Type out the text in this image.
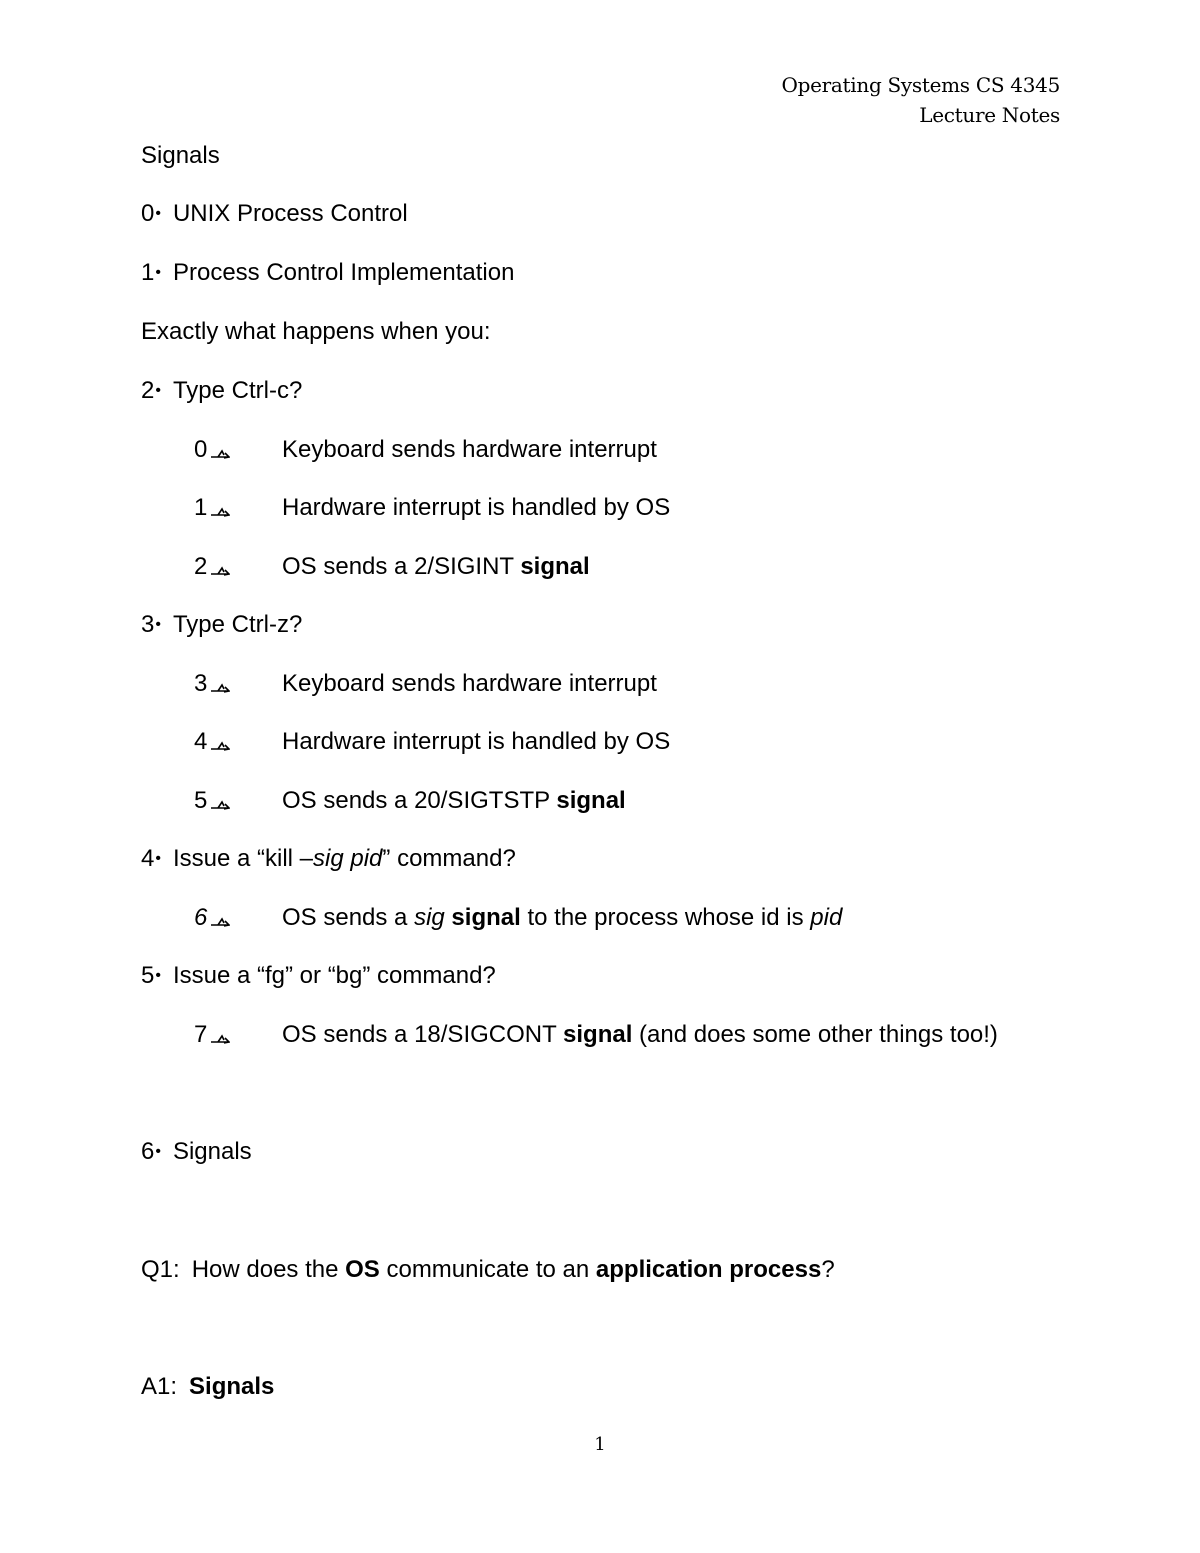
Operating Systems CS 4345
Lecture Notes
Signals
0• UNIX Process Control
1• Process Control Implementation
Exactly what happens when you:
2• Type Ctrl-c?
0	Keyboard sends hardware interrupt
1	Hardware interrupt is handled by OS
2	OS sends a 2/SIGINT signal
3• Type Ctrl-z?
3	Keyboard sends hardware interrupt
4	Hardware interrupt is handled by OS
5	OS sends a 20/SIGTSTP signal
4• Issue a “kill –sig pid” command?
6	OS sends a sig signal to the process whose id is pid
5• Issue a “fg” or “bg” command?
7	OS sends a 18/SIGCONT signal (and does some other things too!)
6• Signals
Q1: How does the OS communicate to an application process?
A1: Signals
1
